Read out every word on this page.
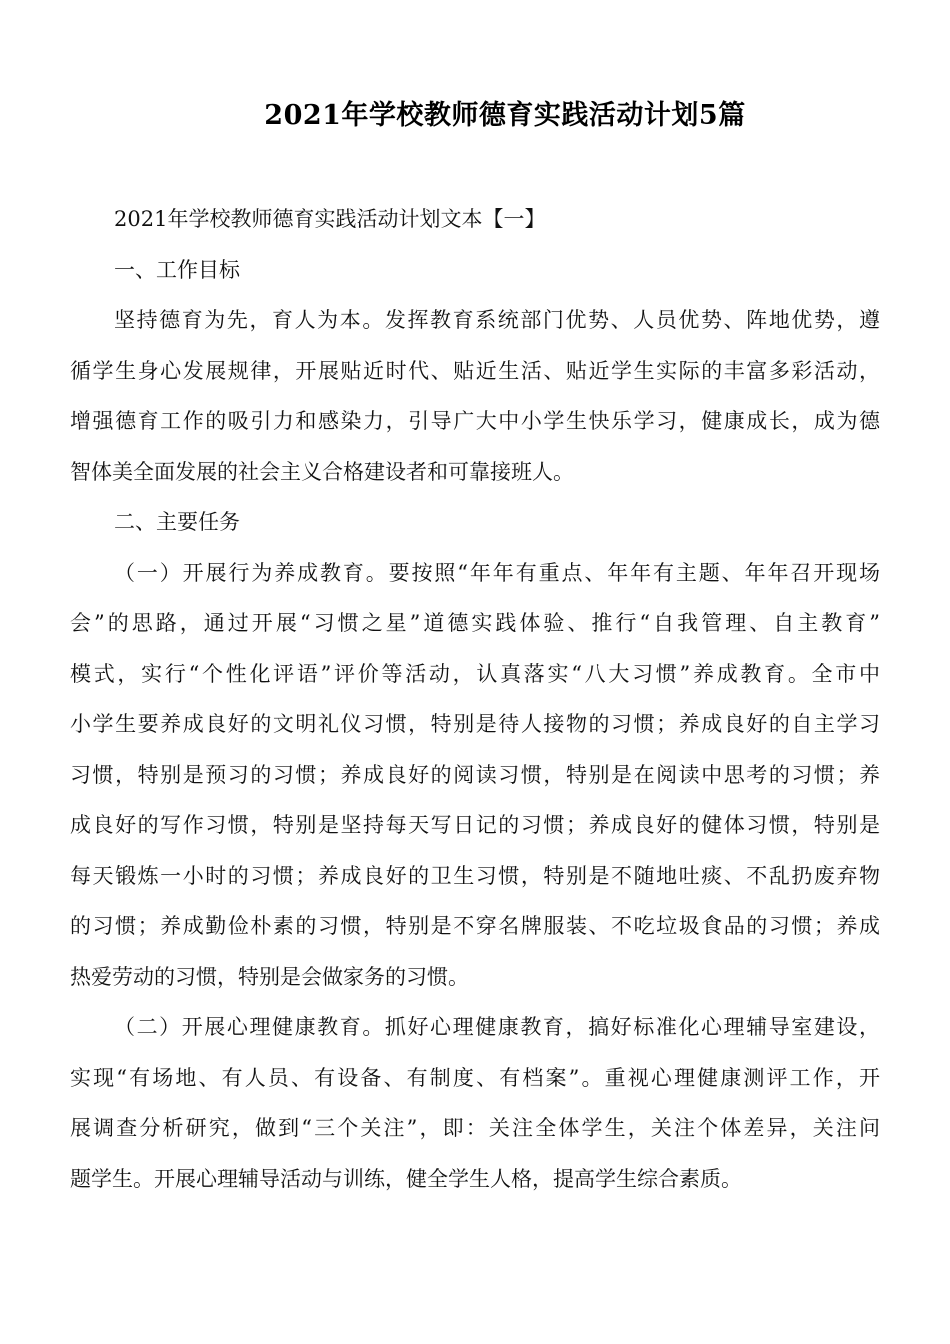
2021年学校教师德育实践活动计划5篇
2021年学校教师德育实践活动计划文本【一】
一、工作目标
坚持德育为先，育人为本。发挥教育系统部门优势、人员优势、阵地优势，遵
循学生身心发展规律，开展贴近时代、贴近生活、贴近学生实际的丰富多彩活动，
增强德育工作的吸引力和感染力，引导广大中小学生快乐学习，健康成长，成为德
智体美全面发展的社会主义合格建设者和可靠接班人。
二、主要任务
（一）开展行为养成教育。要按照“年年有重点、年年有主题、年年召开现场
会”的思路，通过开展“习惯之星”道德实践体验、推行“自我管理、自主教育”
模式，实行“个性化评语”评价等活动，认真落实“八大习惯”养成教育。全市中
小学生要养成良好的文明礼仪习惯，特别是待人接物的习惯；养成良好的自主学习
习惯，特别是预习的习惯；养成良好的阅读习惯，特别是在阅读中思考的习惯；养
成良好的写作习惯，特别是坚持每天写日记的习惯；养成良好的健体习惯，特别是
每天锻炼一小时的习惯；养成良好的卫生习惯，特别是不随地吐痰、不乱扔废弃物
的习惯；养成勤俭朴素的习惯，特别是不穿名牌服装、不吃垃圾食品的习惯；养成
热爱劳动的习惯，特别是会做家务的习惯。
（二）开展心理健康教育。抓好心理健康教育，搞好标准化心理辅导室建设，
实现“有场地、有人员、有设备、有制度、有档案”。重视心理健康测评工作，开
展调查分析研究，做到“三个关注”，即：关注全体学生，关注个体差异，关注问
题学生。开展心理辅导活动与训练，健全学生人格，提高学生综合素质。
